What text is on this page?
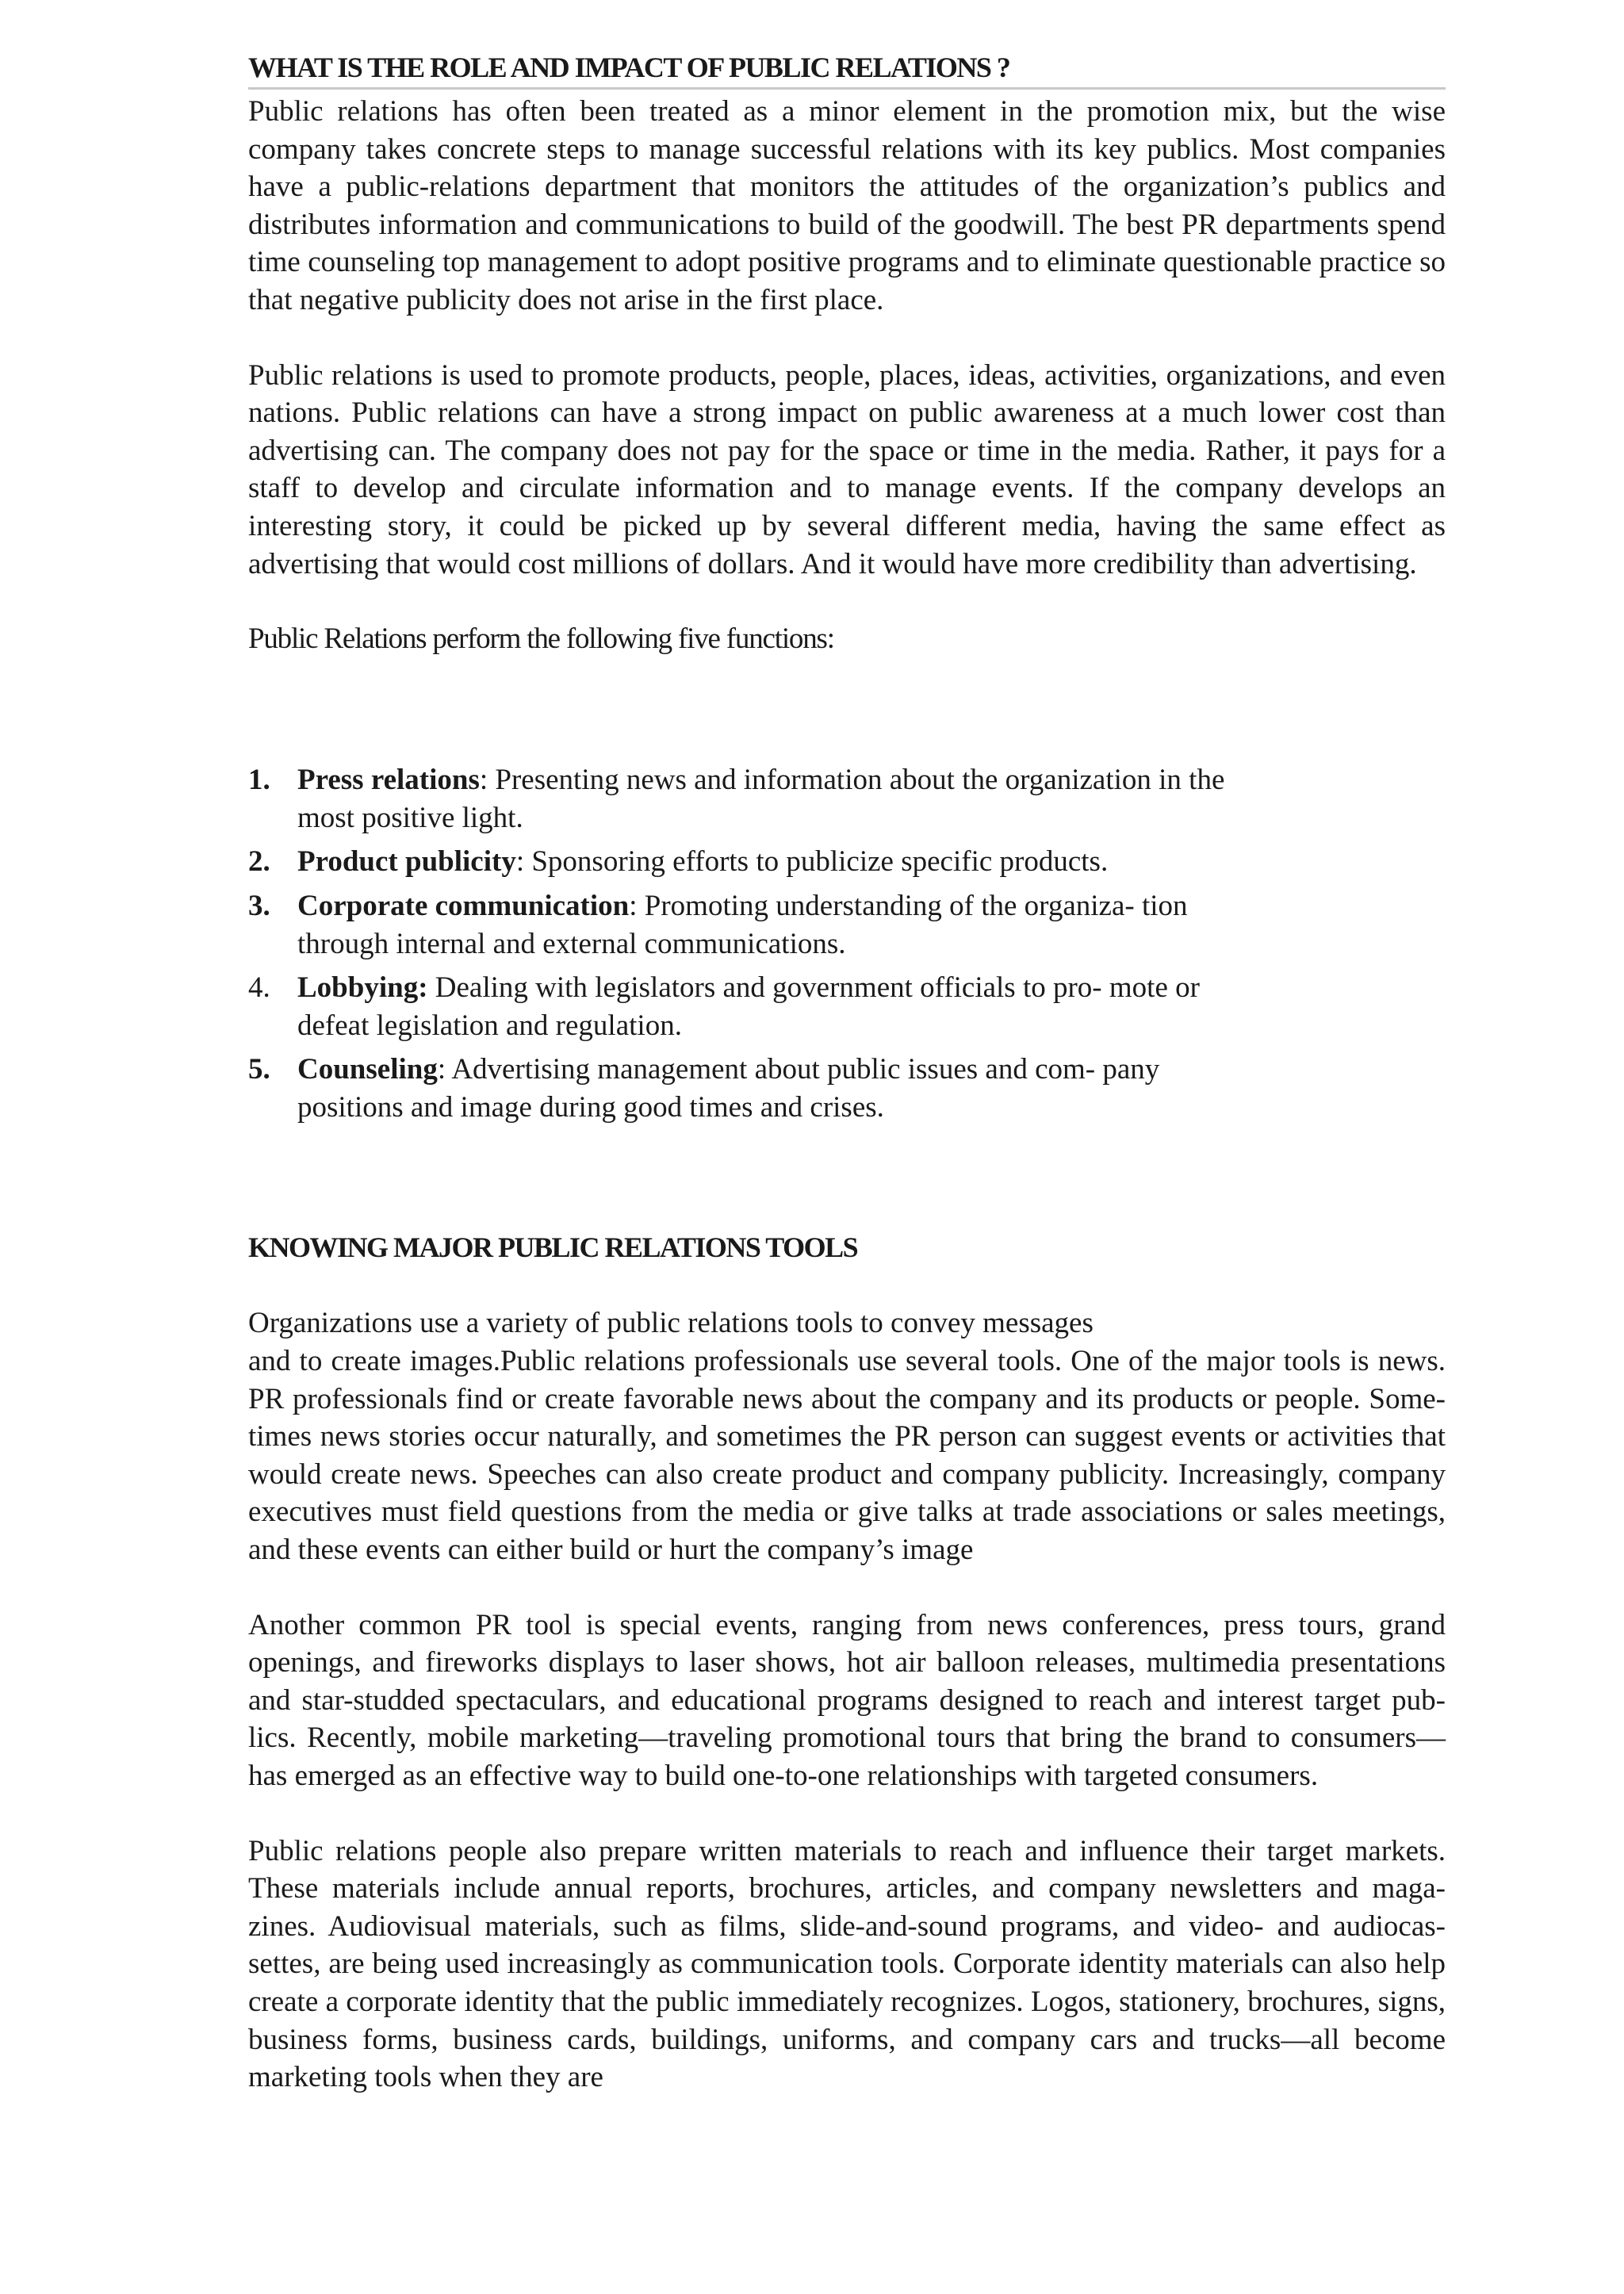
WHAT IS THE ROLE AND IMPACT OF PUBLIC RELATIONS ?

Public relations has often been treated as a minor element in the promotion mix, but the wise company takes concrete steps to manage successful relations with its key publics. Most companies have a public-relations department that monitors the attitudes of the organization’s publics and distributes information and communications to build of the goodwill. The best PR departments spend time counseling top management to adopt positive programs and to eliminate questionable practice so that negative publicity does not arise in the first place.

Public relations is used to promote products, people, places, ideas, activities, organizations, and even nations. Public relations can have a strong impact on public awareness at a much lower cost than advertising can. The company does not pay for the space or time in the media. Rather, it pays for a staff to develop and circulate information and to manage events. If the company develops an interesting story, it could be picked up by several different media, having the same effect as advertising that would cost millions of dollars. And it would have more credibility than advertising.

Public Relations perform the following five functions:

1. Press relations: Presenting news and information about the organization in the most positive light.
2. Product publicity: Sponsoring efforts to publicize specific products.
3. Corporate communication: Promoting understanding of the organiza- tion through internal and external communications.
4. Lobbying: Dealing with legislators and government officials to pro- mote or defeat legislation and regulation.
5. Counseling: Advertising management about public issues and com- pany positions and image during good times and crises.
KNOWING MAJOR PUBLIC RELATIONS TOOLS

Organizations use a variety of public relations tools to convey messages

and to create images.Public relations professionals use several tools. One of the major tools is news. PR professionals find or create favorable news about the company and its products or people. Some- times news stories occur naturally, and sometimes the PR person can suggest events or activities that would create news. Speeches can also create product and company publicity. Increasingly, company executives must field questions from the media or give talks at trade associations or sales meetings, and these events can either build or hurt the company’s image

Another common PR tool is special events, ranging from news conferences, press tours, grand openings, and fireworks displays to laser shows, hot air balloon releases, multimedia presentations and star-studded spectaculars, and educational programs designed to reach and interest target pub- lics. Recently, mobile marketing—traveling promotional tours that bring the brand to consumers— has emerged as an effective way to build one-to-one relationships with targeted consumers.

Public relations people also prepare written materials to reach and influence their target markets. These materials include annual reports, brochures, articles, and company newsletters and maga- zines. Audiovisual materials, such as films, slide-and-sound programs, and video- and audiocas- settes, are being used increasingly as communication tools. Corporate identity materials can also help create a corporate identity that the public immediately recognizes. Logos, stationery, brochures, signs, business forms, business cards, buildings, uniforms, and company cars and trucks—all become marketing tools when they are
